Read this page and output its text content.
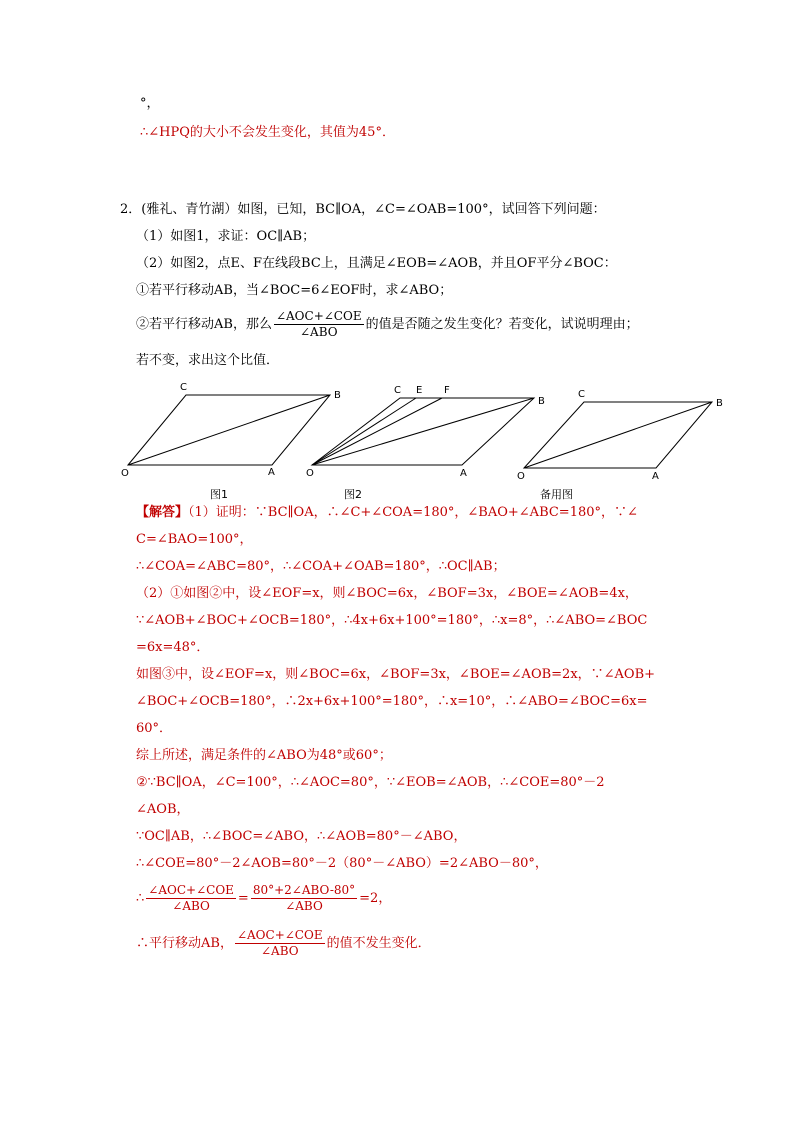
°，
∴∠HPQ的大小不会发生变化，其值为45°．
2．(雅礼、青竹湖）如图，已知，BC∥OA，∠C=∠OAB=100°，试回答下列问题：
（1）如图1，求证：OC∥AB；
（2）如图2，点E、F在线段BC上，且满足∠EOB=∠AOB，并且OF平分∠BOC：
①若平行移动AB，当∠BOC=6∠EOF时，求∠ABO；
②若平行移动AB，那么 $\frac{\text{∠AOC+∠COE}}{\text{∠ABO}}$ 的值是否随之发生变化？若变化，试说明理由；
若不变，求出这个比值．
C
B
O	A
图1
C E F
B
O	A
图2
C
B
O	A
备用图
【解答】（1）证明：∵BC∥OA，∴∠C+∠COA=180°，∠BAO+∠ABC=180°，∵∠
C=∠BAO=100°，
∴∠COA=∠ABC=80°，∴∠COA+∠OAB=180°，∴OC∥AB；
（2）①如图②中，设∠EOF=x，则∠BOC=6x，∠BOF=3x，∠BOE=∠AOB=4x，
∵∠AOB+∠BOC+∠OCB=180°，∴4x+6x+100°=180°，∴x=8°，∴∠ABO=∠BOC
=6x=48°．
如图③中，设∠EOF=x，则∠BOC=6x，∠BOF=3x，∠BOE=∠AOB=2x，∵∠AOB+
∠BOC+∠OCB=180°，∴2x+6x+100°=180°，∴x=10°，∴∠ABO=∠BOC=6x=
60°．
综上所述，满足条件的∠ABO为48°或60°；
②∵BC∥OA，∠C=100°，∴∠AOC=80°，∵∠EOB=∠AOB，∴∠COE=80°－2
∠AOB，
∵OC∥AB，∴∠BOC=∠ABO，∴∠AOB=80°－∠ABO，
∴∠COE=80°－2∠AOB=80°－2（80°－∠ABO）=2∠ABO－80°，
∴ $\frac{\text{∠AOC+∠COE}}{\text{∠ABO}} = \frac{\text{80°+2∠ABO-80°}}{\text{∠ABO}} =2$，
∴平行移动AB， $\frac{\text{∠AOC+∠COE}}{\text{∠ABO}}$ 的值不发生变化．
